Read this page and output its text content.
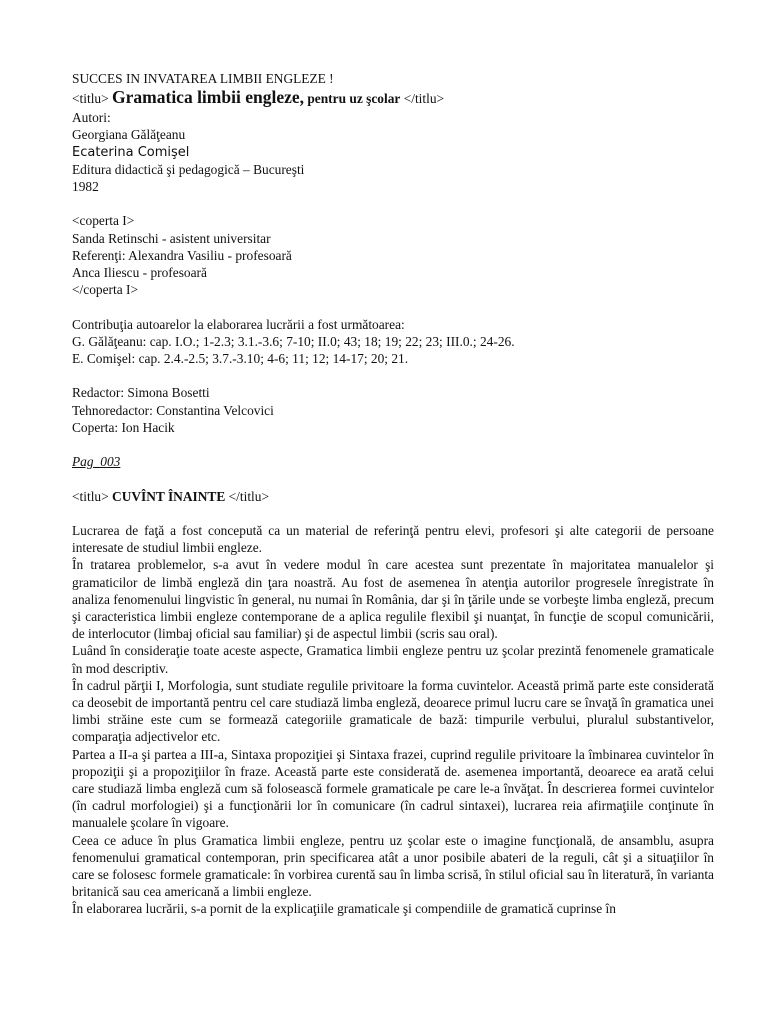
SUCCES IN INVATAREA LIMBII ENGLEZE !
<titlu> Gramatica limbii engleze, pentru uz şcolar </titlu>
Autori:
Georgiana Gălăţeanu
Ecaterina Comişel
Editura didactică şi pedagogică – Bucureşti
1982
<coperta I>
Sanda Retinschi - asistent universitar
Referenţi: Alexandra Vasiliu - profesoară
Anca Iliescu - profesoară
</coperta I>
Contribuţia autoarelor la elaborarea lucrării a fost următoarea:
G. Gălăţeanu: cap. I.O.; 1-2.3; 3.1.-3.6; 7-10; II.0; 43; 18; 19; 22; 23; III.0.; 24-26.
E. Comişel: cap. 2.4.-2.5; 3.7.-3.10; 4-6; 11; 12; 14-17; 20; 21.
Redactor: Simona Bosetti
Tehnoredactor: Constantina Velcovici
Coperta: Ion Hacik
Pag_003
<titlu> CUVÎNT ÎNAINTE </titlu>
Lucrarea de faţă a fost concepută ca un material de referinţă pentru elevi, profesori şi alte categorii de persoane interesate de studiul limbii engleze.
În tratarea problemelor, s-a avut în vedere modul în care acestea sunt prezentate în majoritatea manualelor şi gramaticilor de limbă engleză din ţara noastră. Au fost de asemenea în atenţia autorilor progresele înregistrate în analiza fenomenului lingvistic în general, nu numai în România, dar şi în ţările unde se vorbeşte limba engleză, precum şi caracteristica limbii engleze contemporane de a aplica regulile flexibil şi nuanţat, în funcţie de scopul comunicării, de interlocutor (limbaj oficial sau familiar) şi de aspectul limbii (scris sau oral).
Luând în consideraţie toate aceste aspecte, Gramatica limbii engleze pentru uz şcolar prezintă fenomenele gramaticale în mod descriptiv.
În cadrul părţii I, Morfologia, sunt studiate regulile privitoare la forma cuvintelor. Această primă parte este considerată ca deosebit de importantă pentru cel care studiază limba engleză, deoarece primul lucru care se învaţă în gramatica unei limbi străine este cum se formează categoriile gramaticale de bază: timpurile verbului, pluralul substantivelor, comparaţia adjectivelor etc.
Partea a II-a şi partea a III-a, Sintaxa propoziţiei şi Sintaxa frazei, cuprind regulile privitoare la îmbinarea cuvintelor în propoziţii şi a propoziţiilor în fraze. Această parte este considerată de. asemenea importantă, deoarece ea arată celui care studiază limba engleză cum să folosească formele gramaticale pe care le-a învăţat. În descrierea formei cuvintelor (în cadrul morfologiei) şi a funcţionării lor în comunicare (în cadrul sintaxei), lucrarea reia afirmaţiile conţinute în manualele şcolare în vigoare.
Ceea ce aduce în plus Gramatica limbii engleze, pentru uz şcolar este o imagine funcţională, de ansamblu, asupra fenomenului gramatical contemporan, prin specificarea atât a unor posibile abateri de la reguli, cât şi a situaţiilor în care se folosesc formele gramaticale: în vorbirea curentă sau în limba scrisă, în stilul oficial sau în literatură, în varianta britanică sau cea americană a limbii engleze.
În elaborarea lucrării, s-a pornit de la explicaţiile gramaticale şi compendiile de gramatică cuprinse în
